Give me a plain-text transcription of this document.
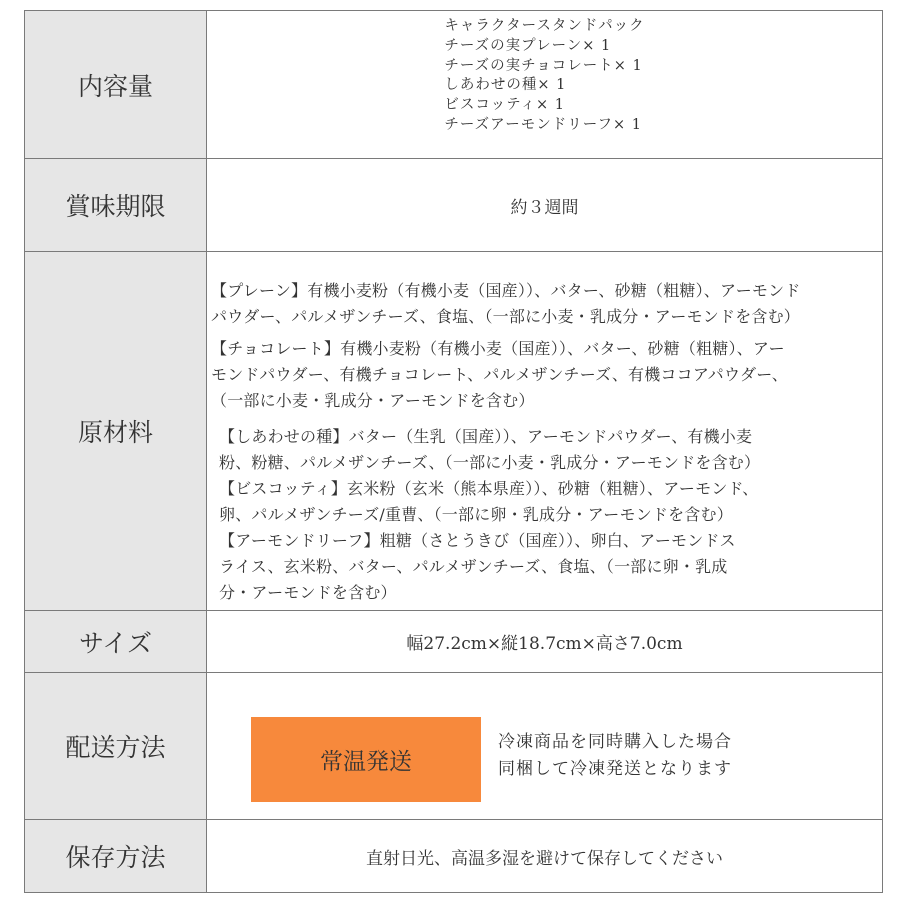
内容量
キャラクタースタンドパック
チーズの実プレーン× 1
チーズの実チョコレート× 1
しあわせの種× 1
ビスコッティ× 1
チーズアーモンドリーフ× 1
賞味期限	約３週間
原材料
【プレーン】有機小麦粉（有機小麦（国産））、バター、砂糖（粗糖）、アーモンド
パウダー、パルメザンチーズ、食塩、（一部に小麦・乳成分・アーモンドを含む）
【チョコレート】有機小麦粉（有機小麦（国産））、バター、砂糖（粗糖）、アー
モンドパウダー、有機チョコレート、パルメザンチーズ、有機ココアパウダー、
（一部に小麦・乳成分・アーモンドを含む）
【しあわせの種】バター（生乳（国産））、アーモンドパウダー、有機小麦
粉、粉糖、パルメザンチーズ、（一部に小麦・乳成分・アーモンドを含む）
【ビスコッティ】玄米粉（玄米（熊本県産））、砂糖（粗糖）、アーモンド、
卵、パルメザンチーズ/重曹、（一部に卵・乳成分・アーモンドを含む）
【アーモンドリーフ】粗糖（さとうきび（国産））、卵白、アーモンドス
ライス、玄米粉、バター、パルメザンチーズ、食塩、（一部に卵・乳成
分・アーモンドを含む）
サイズ	幅27.2cm×縦18.7cm×高さ7.0cm
配送方法	常温発送
冷凍商品を同時購入した場合
同梱して冷凍発送となります
保存方法	直射日光、高温多湿を避けて保存してください
